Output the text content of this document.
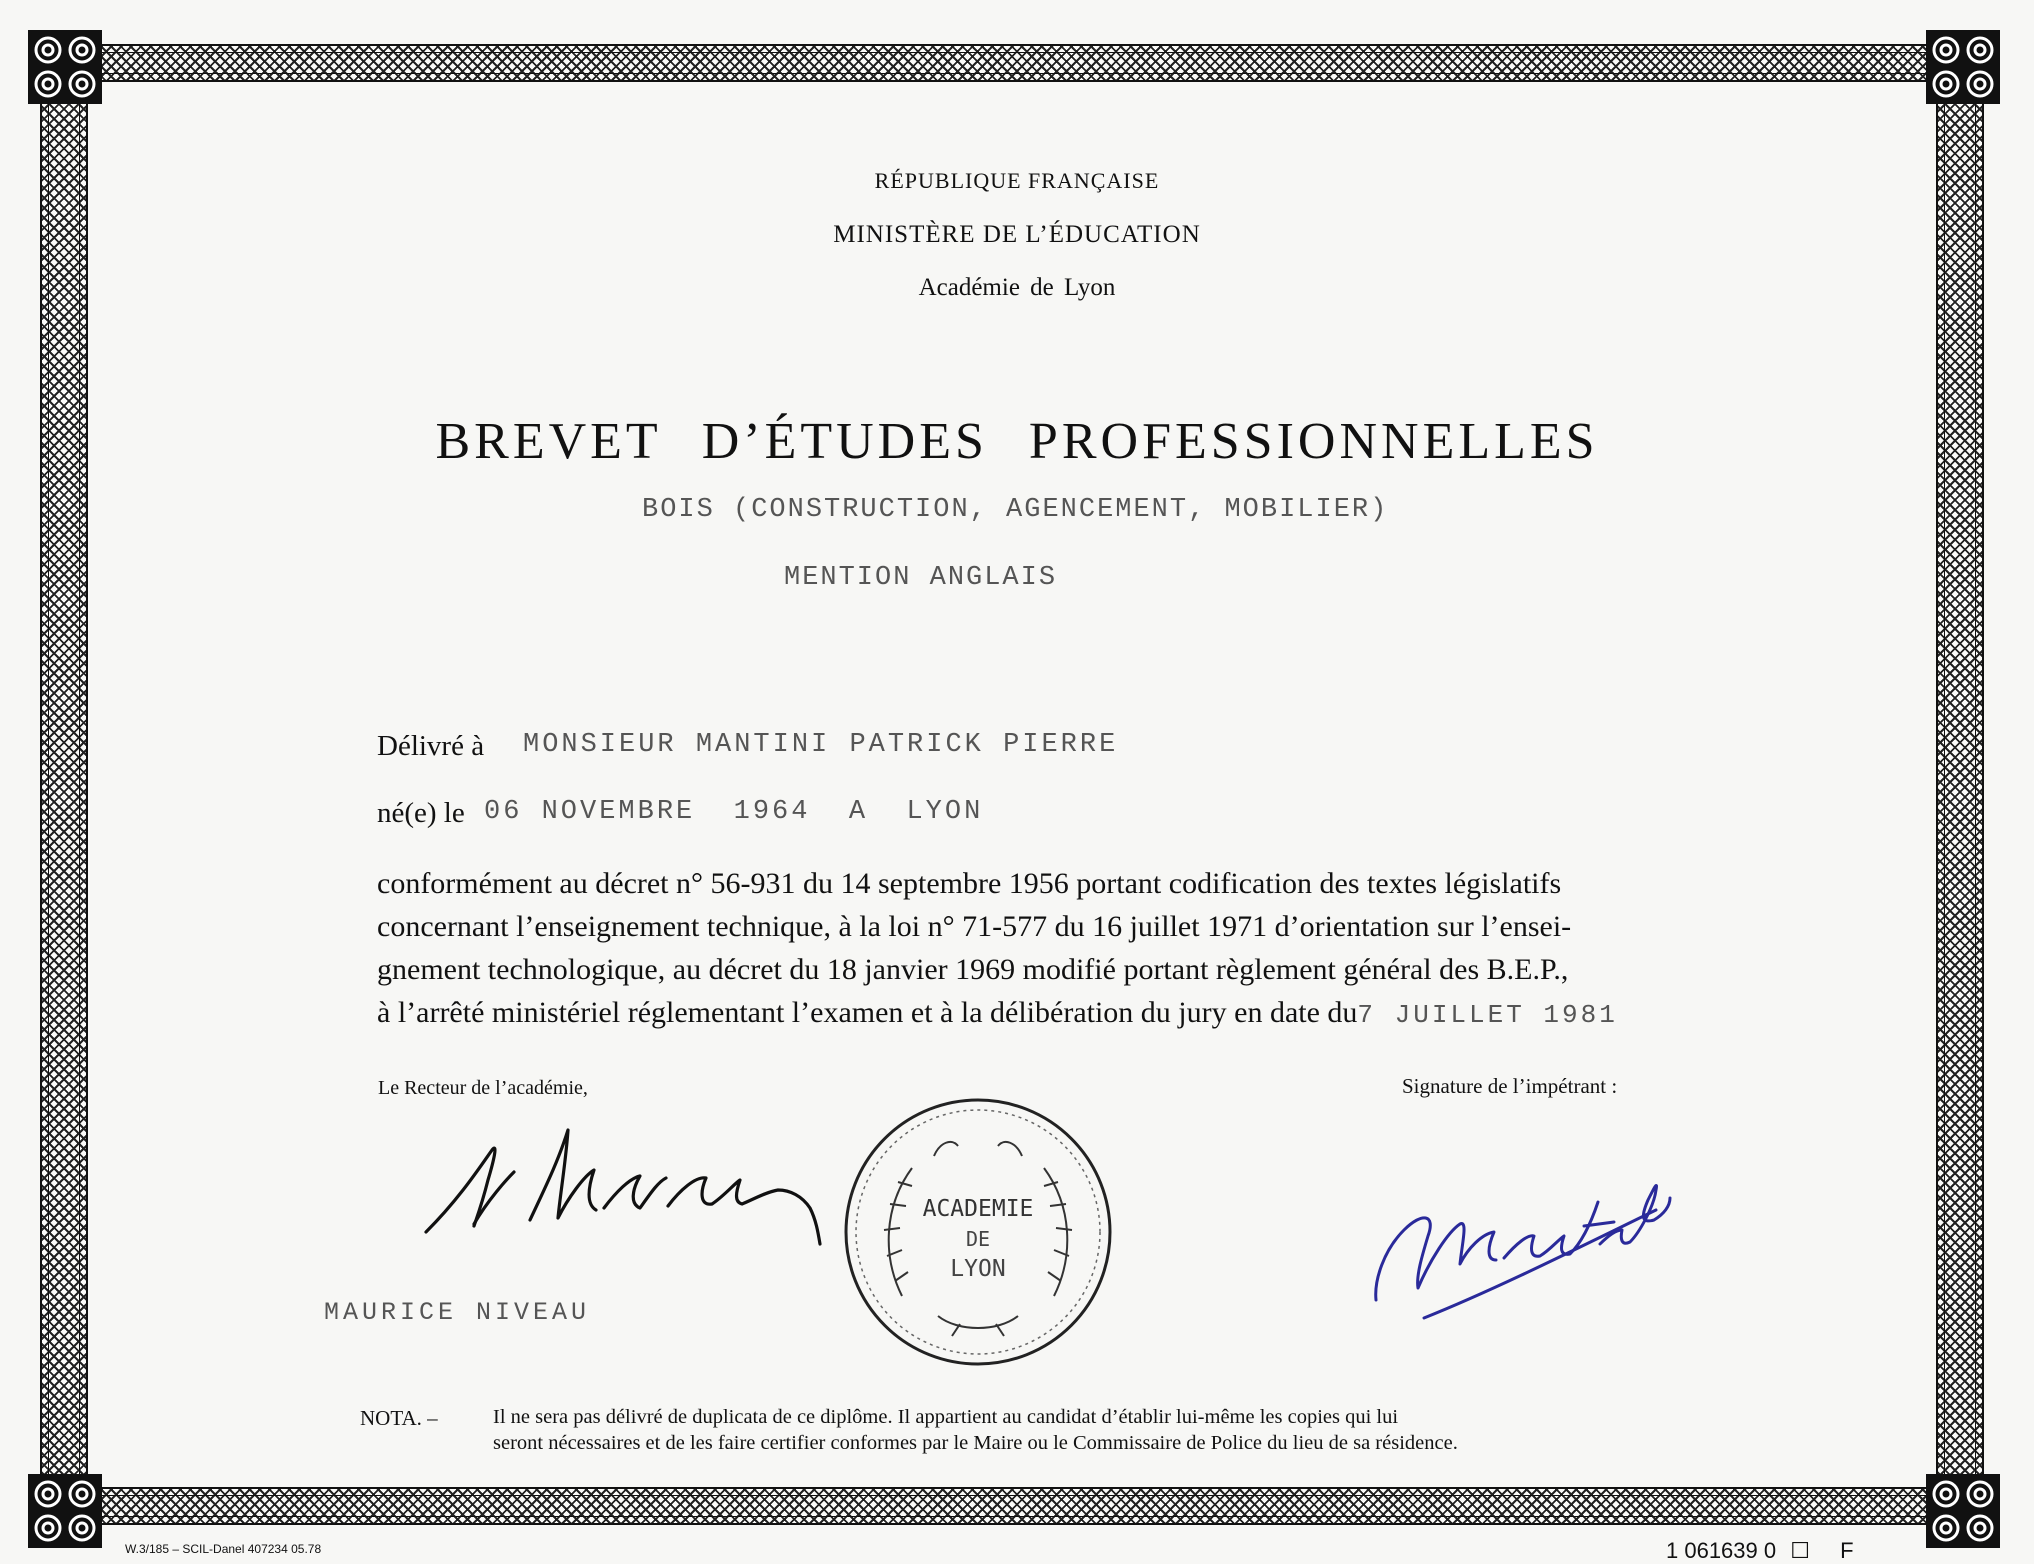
RÉPUBLIQUE FRANÇAISE
MINISTÈRE DE L’ÉDUCATION
Académie de Lyon
BREVET D’ÉTUDES PROFESSIONNELLES
BOIS (CONSTRUCTION, AGENCEMENT, MOBILIER)
MENTION ANGLAIS
Délivré à MONSIEUR MANTINI PATRICK PIERRE
né(e) le 06 NOVEMBRE  1964  A  LYON
conformément au décret n° 56-931 du 14 septembre 1956 portant codification des textes législatifs
concernant l’enseignement technique, à la loi n° 71-577 du 16 juillet 1971 d’orientation sur l’ensei-
gnement technologique, au décret du 18 janvier 1969 modifié portant règlement général des B.E.P.,
à l’arrêté ministériel réglementant l’examen et à la délibération du jury en date du7 JUILLET 1981
Le Recteur de l’académie,	Signature de l’impétrant :
MAURICE NIVEAU
ACADEMIE
DE
LYON
NOTA. –	Il ne sera pas délivré de duplicata de ce diplôme. Il appartient au candidat d’établir lui-même les copies qui lui
seront nécessaires et de les faire certifier conformes par le Maire ou le Commissaire de Police du lieu de sa résidence.
W.3/185 – SCIL-Danel 407234 05.78	1 061639 0 ☐ F
